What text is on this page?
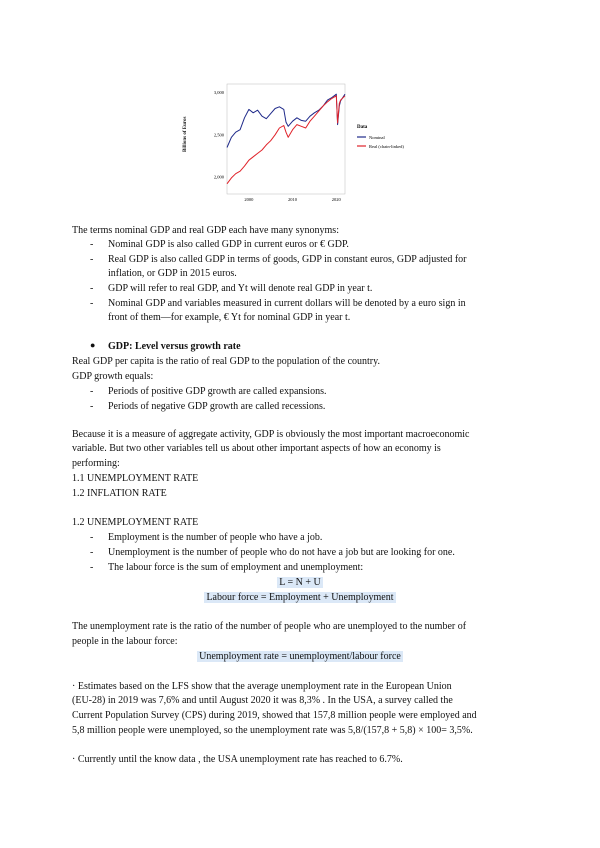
3,000
2,500
2,000
2000	2010	2020
Data
Nominal
Real (chain-linked)
Billions of Euros
The terms nominal GDP and real GDP each have many synonyms:
- Nominal GDP is also called GDP in current euros or € GDP.
- Real GDP is also called GDP in terms of goods, GDP in constant euros, GDP adjusted for
inflation, or GDP in 2015 euros.
- GDP will refer to real GDP, and Yt will denote real GDP in year t.
- Nominal GDP and variables measured in current dollars will be denoted by a euro sign in
front of them—for example, € Yt for nominal GDP in year t.
● GDP: Level versus growth rate
Real GDP per capita is the ratio of real GDP to the population of the country.
GDP growth equals:
- Periods of positive GDP growth are called expansions.
- Periods of negative GDP growth are called recessions.
Because it is a measure of aggregate activity, GDP is obviously the most important macroeconomic
variable. But two other variables tell us about other important aspects of how an economy is
performing:
1.1 UNEMPLOYMENT RATE
1.2 INFLATION RATE
1.2 UNEMPLOYMENT RATE
- Employment is the number of people who have a job.
- Unemployment is the number of people who do not have a job but are looking for one.
- The labour force is the sum of employment and unemployment:
L = N + U
Labour force = Employment + Unemployment
The unemployment rate is the ratio of the number of people who are unemployed to the number of
people in the labour force:
Unemployment rate = unemployment/labour force
· Estimates based on the LFS show that the average unemployment rate in the European Union
(EU-28) in 2019 was 7,6% and until August 2020 it was 8,3% . In the USA, a survey called the
Current Population Survey (CPS) during 2019, showed that 157,8 million people were employed and
5,8 million people were unemployed, so the unemployment rate was 5,8/(157,8 + 5,8) × 100= 3,5%.
· Currently until the know data , the USA unemployment rate has reached to 6.7%.
